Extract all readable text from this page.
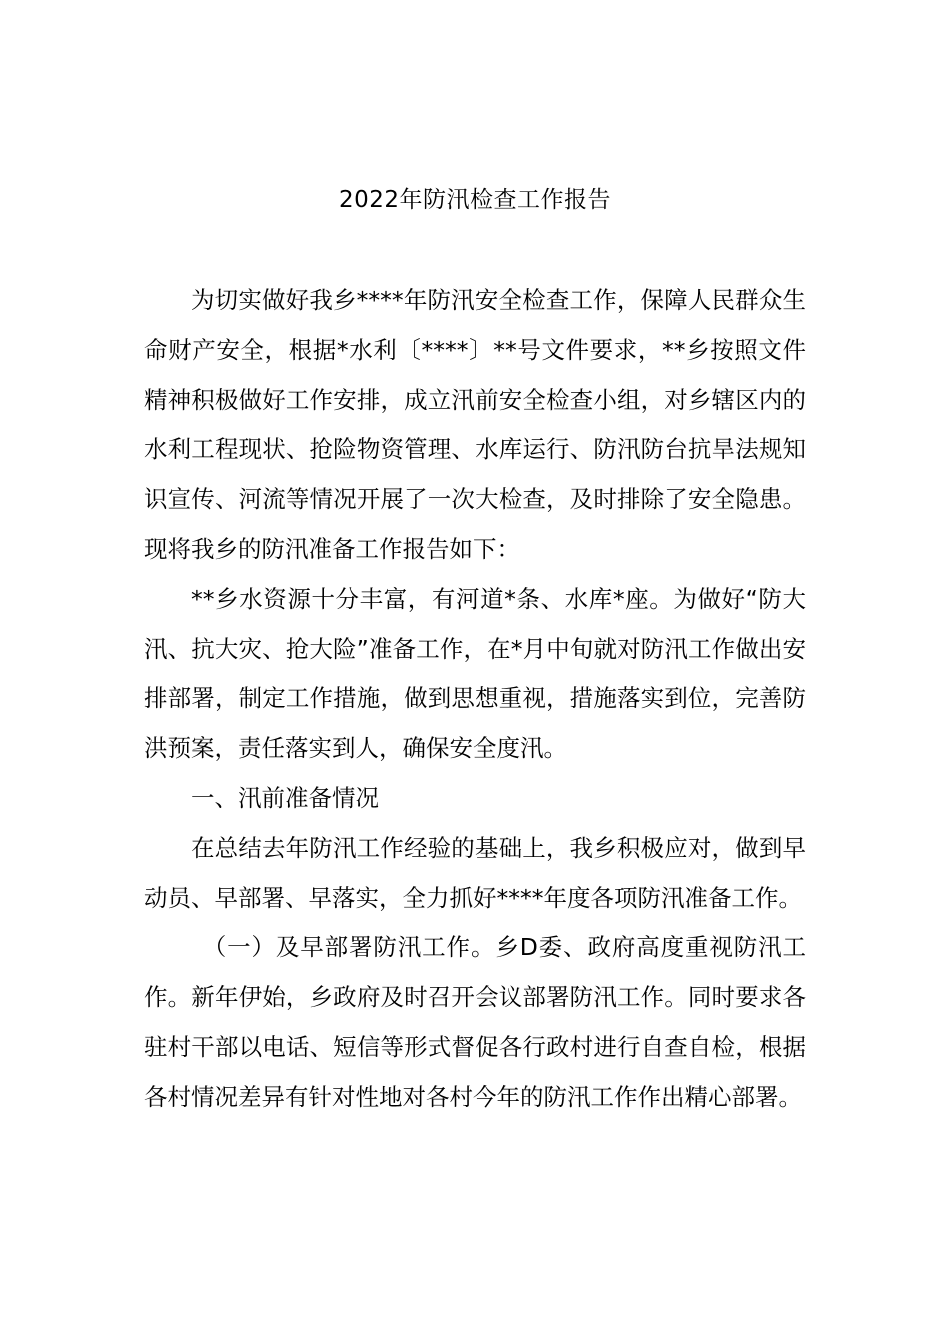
2022年防汛检查工作报告

为切实做好我乡****年防汛安全检查工作，保障人民群众生命财产安全，根据*水利〔****〕**号文件要求，**乡按照文件精神积极做好工作安排，成立汛前安全检查小组，对乡辖区内的水利工程现状、抢险物资管理、水库运行、防汛防台抗旱法规知识宣传、河流等情况开展了一次大检查，及时排除了安全隐患。现将我乡的防汛准备工作报告如下：

**乡水资源十分丰富，有河道*条、水库*座。为做好“防大汛、抗大灾、抢大险”准备工作，在*月中旬就对防汛工作做出安排部署，制定工作措施，做到思想重视，措施落实到位，完善防洪预案，责任落实到人，确保安全度汛。

一、汛前准备情况

在总结去年防汛工作经验的基础上，我乡积极应对，做到早动员、早部署、早落实，全力抓好****年度各项防汛准备工作。

（一）及早部署防汛工作。乡D委、政府高度重视防汛工作。新年伊始，乡政府及时召开会议部署防汛工作。同时要求各驻村干部以电话、短信等形式督促各行政村进行自查自检，根据各村情况差异有针对性地对各村今年的防汛工作作出精心部署。
